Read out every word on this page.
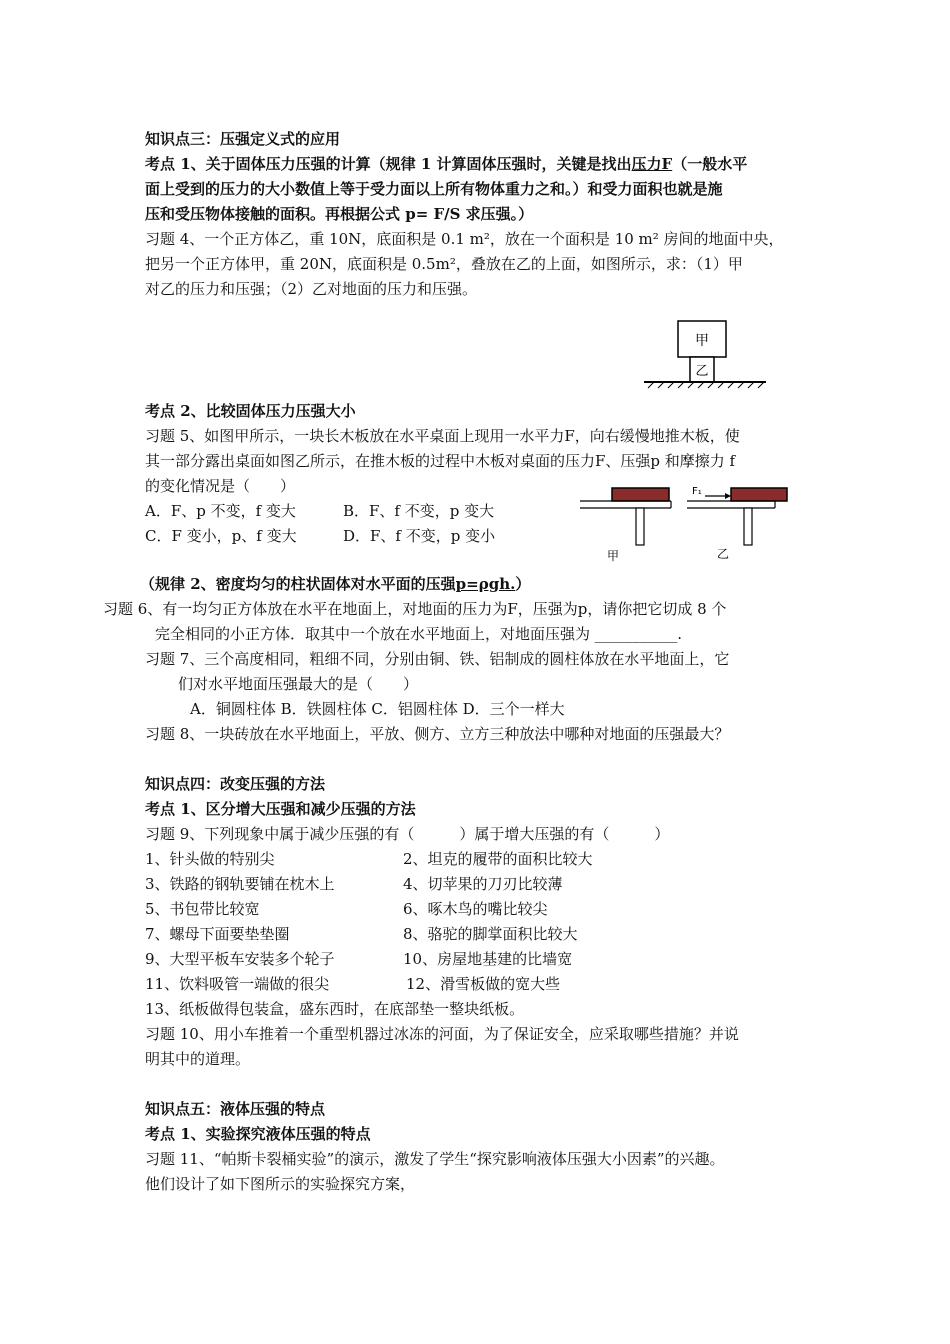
知识点三：压强定义式的应用
考点 1、关于固体压力压强的计算（规律 1 计算固体压强时，关键是找出压力F（一般水平
面上受到的压力的大小数值上等于受力面以上所有物体重力之和。）和受力面积也就是施
压和受压物体接触的面积。再根据公式 p= F/S 求压强。）
习题 4、一个正方体乙，重 10N，底面积是 0.1 m²，放在一个面积是 10 m² 房间的地面中央，
把另一个正方体甲，重 20N，底面积是 0.5m²，叠放在乙的上面，如图所示，求：（1）甲
对乙的压力和压强；（2）乙对地面的压力和压强。
甲
乙
考点 2、比较固体压力压强大小
习题 5、如图甲所示，一块长木板放在水平桌面上现用一水平力F，向右缓慢地推木板，使
其一部分露出桌面如图乙所示，在推木板的过程中木板对桌面的压力F、压强p 和摩擦力 f
的变化情况是（　　）
A．F、p 不变，f 变大	B．F、f 不变，p 变大
C．F 变小，p、f 变大	D．F、f 不变，p 变小
甲
F₁
乙
（规律 2、密度均匀的柱状固体对水平面的压强p=ρgh.）
习题 6、有一均匀正方体放在水平在地面上，对地面的压力为F，压强为p，请你把它切成 8 个
完全相同的小正方体．取其中一个放在水平地面上，对地面压强为 ___________.
习题 7、三个高度相同，粗细不同，分别由铜、铁、铝制成的圆柱体放在水平地面上，它
们对水平地面压强最大的是（　　）
A．铜圆柱体 B．铁圆柱体 C．铝圆柱体 D．三个一样大
习题 8、一块砖放在水平地面上，平放、侧方、立方三种放法中哪种对地面的压强最大？
知识点四：改变压强的方法
考点 1、区分增大压强和减少压强的方法
习题 9、下列现象中属于减少压强的有（　　　）属于增大压强的有（　　　）
1、针头做的特别尖	2、坦克的履带的面积比较大
3、铁路的钢轨要铺在枕木上	4、切苹果的刀刃比较薄
5、书包带比较宽	6、啄木鸟的嘴比较尖
7、螺母下面要垫垫圈	8、骆驼的脚掌面积比较大
9、大型平板车安装多个轮子	10、房屋地基建的比墙宽
11、饮料吸管一端做的很尖	12、滑雪板做的宽大些
13、纸板做得包装盒，盛东西时，在底部垫一整块纸板。
习题 10、用小车推着一个重型机器过冰冻的河面，为了保证安全，应采取哪些措施？并说
明其中的道理。
知识点五：液体压强的特点
考点 1、实验探究液体压强的特点
习题 11、“帕斯卡裂桶实验”的演示，激发了学生“探究影响液体压强大小因素”的兴趣。
他们设计了如下图所示的实验探究方案，
